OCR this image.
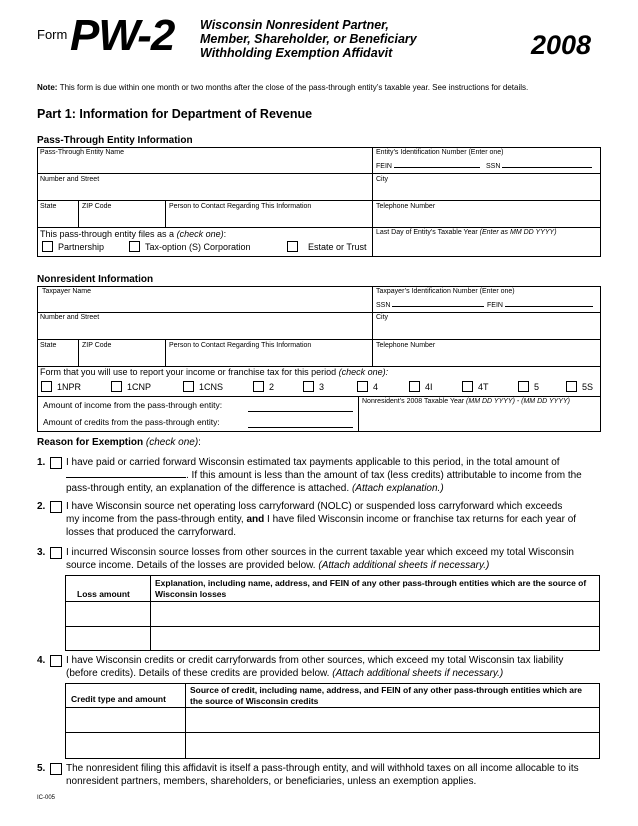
Form PW-2 Wisconsin Nonresident Partner,
Member, Shareholder, or Beneficiary
Withholding Exemption Affidavit	2008
Note: This form is due within one month or two months after the close of the pass-through entity’s taxable year. See instructions for details.
Part 1: Information for Department of Revenue
Pass-Through Entity Information
Pass-Through Entity Name	Entity’s Identification Number (Enter one)
FEIN	SSN
Number and Street	City
State	ZIP Code	Person to Contact Regarding This Information	Telephone Number
This pass-through entity files as a (check one):
Partnership	Tax-option (S) Corporation	Estate or Trust
Last Day of Entity’s Taxable Year (Enter as MM DD YYYY)
Nonresident Information
Taxpayer Name	Taxpayer’s Identification Number (Enter one)
SSN	FEIN
Number and Street	City
State	ZIP Code	Person to Contact Regarding This Information	Telephone Number
Form that you will use to report your income or franchise tax for this period (check one):
1NPR	1CNP	1CNS	2	3	4	4I	4T	5	5S
Amount of income from the pass-through entity:
Amount of credits from the pass-through entity:
Nonresident’s 2008 Taxable Year (MM DD YYYY) - (MM DD YYYY)
Reason for Exemption (check one):
1. I have paid or carried forward Wisconsin estimated tax payments applicable to this period, in the total amount of
. If this amount is less than the amount of tax (less credits) attributable to income from the
pass-through entity, an explanation of the difference is attached. (Attach explanation.)
2. I have Wisconsin source net operating loss carryforward (NOLC) or suspended loss carryforward which exceeds
my income from the pass-through entity, and I have filed Wisconsin income or franchise tax returns for each year of
losses that produced the carryforward.
3. I incurred Wisconsin source losses from other sources in the current taxable year which exceed my total Wisconsin
source income. Details of the losses are provided below. (Attach additional sheets if necessary.)
Loss amount
Explanation, including name, address, and FEIN of any other pass-through entities which are the source of Wisconsin losses
4. I have Wisconsin credits or credit carryforwards from other sources, which exceed my total Wisconsin tax liability
(before credits). Details of these credits are provided below. (Attach additional sheets if necessary.)
Credit type and amount
Source of credit, including name, address, and FEIN of any other pass-through entities which are the source of Wisconsin credits
5. The nonresident filing this affidavit is itself a pass-through entity, and will withhold taxes on all income allocable to its
nonresident partners, members, shareholders, or beneficiaries, unless an exemption applies.
IC-005
